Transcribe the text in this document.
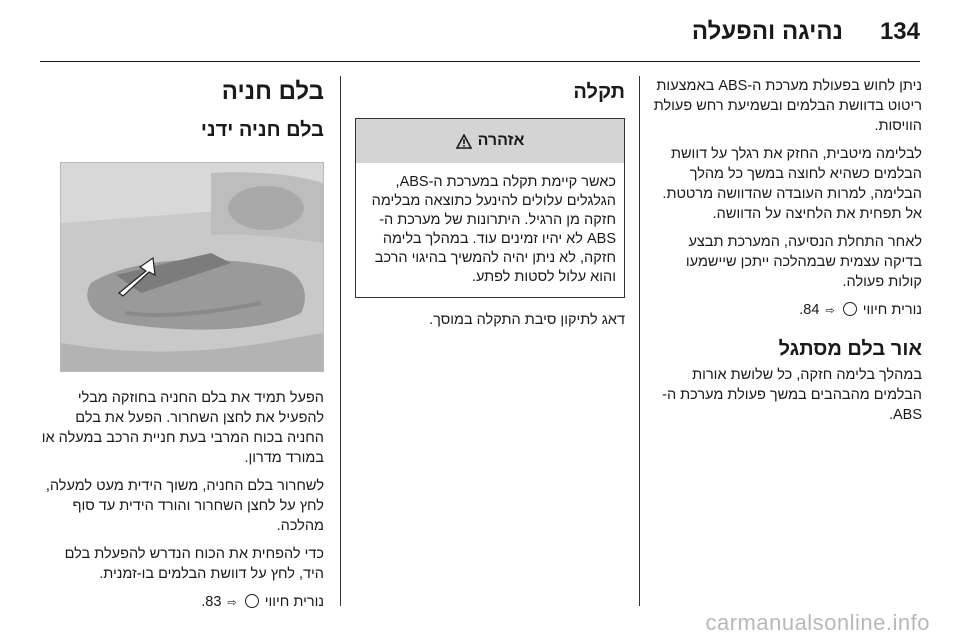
134
נהיגה והפעלה

ניתן לחוש בפעולת מערכת ה-ABS באמצעות ריטוט בדוושת הבלמים ובשמיעת רחש פעולת הוויסות.

לבלימה מיטבית, החזק את רגלך על דוושת הבלמים כשהיא לחוצה במשך כל מהלך הבלימה, למרות העובדה שהדוושה מרטטת. אל תפחית את הלחיצה על הדוושה.

לאחר התחלת הנסיעה, המערכת תבצע בדיקה עצמית שבמהלכה ייתכן שיישמעו קולות פעולה.

נורית חיווי  ⇨ 84.

אור בלם מסתגל

במהלך בלימה חזקה, כל שלושת אורות הבלמים מהבהבים במשך פעולת מערכת ה-ABS.

תקלה
אזהרה
כאשר קיימת תקלה במערכת ה-ABS, הגלגלים עלולים להינעל כתוצאה מבלימה חזקה מן הרגיל. היתרונות של מערכת ה-ABS לא יהיו זמינים עוד. במהלך בלימה חזקה, לא ניתן יהיה להמשיך בהיגוי הרכב והוא עלול לסטות לפתע.

דאג לתיקון סיבת התקלה במוסך.

בלם חניה
בלם חניה ידני

הפעל תמיד את בלם החניה בחוזקה מבלי להפעיל את לחצן השחרור. הפעל את בלם החניה בכוח המרבי בעת חניית הרכב במעלה או במורד מדרון.

לשחרור בלם החניה, משוך הידית מעט למעלה, לחץ על לחצן השחרור והורד הידית עד סוף מהלכה.

כדי להפחית את הכוח הנדרש להפעלת בלם היד, לחץ על דוושת הבלמים בו-זמנית.

נורית חיווי  ⇨ 83.

carmanualsonline.info
